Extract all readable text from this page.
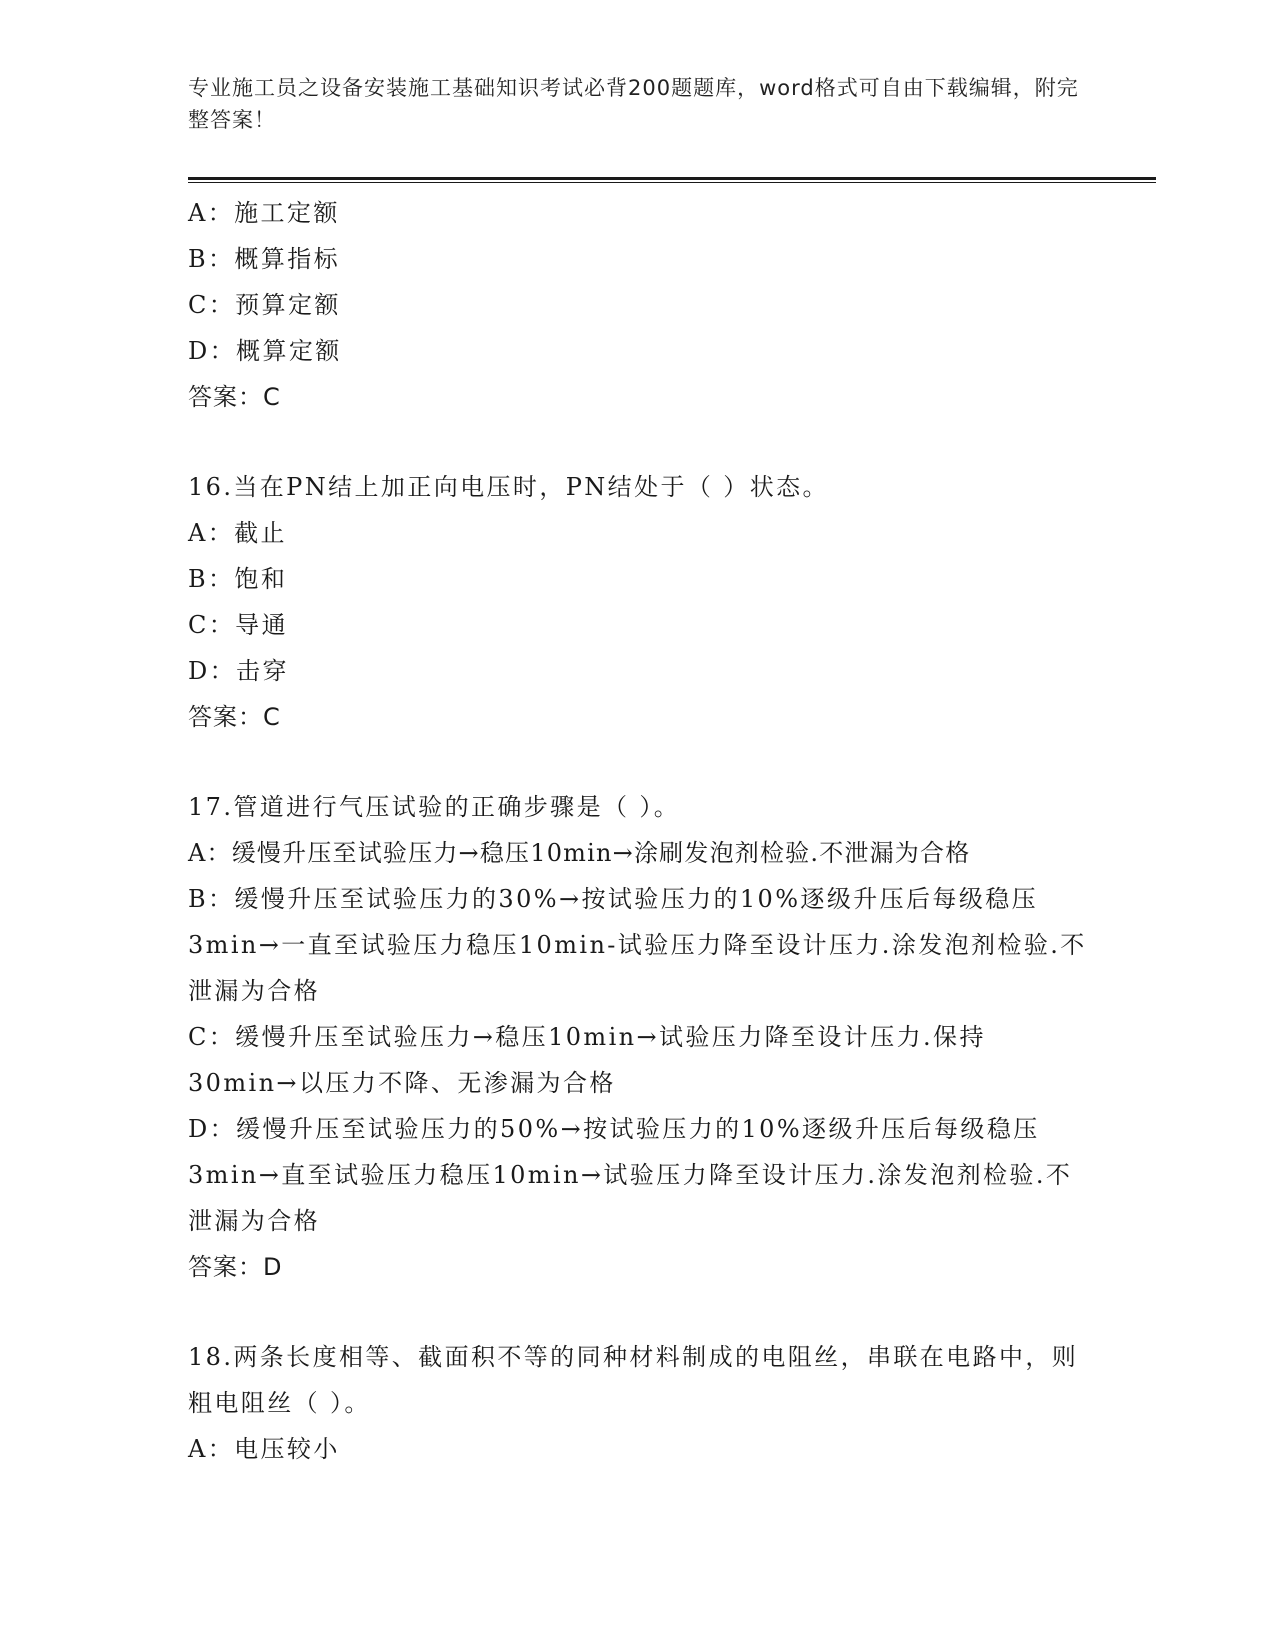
专业施工员之设备安装施工基础知识考试必背200题题库，word格式可自由下载编辑，附完整答案！
A：施工定额
B：概算指标
C：预算定额
D：概算定额
答案：C
16.当在PN结上加正向电压时，PN结处于（ ）状态。
A：截止
B：饱和
C：导通
D：击穿
答案：C
17.管道进行气压试验的正确步骤是（ ）。
A：缓慢升压至试验压力→稳压10min→涂刷发泡剂检验.不泄漏为合格
B：缓慢升压至试验压力的30%→按试验压力的10%逐级升压后每级稳压3min→一直至试验压力稳压10min-试验压力降至设计压力.涂发泡剂检验.不泄漏为合格
C：缓慢升压至试验压力→稳压10min→试验压力降至设计压力.保持30min→以压力不降、无渗漏为合格
D：缓慢升压至试验压力的50%→按试验压力的10%逐级升压后每级稳压3min→直至试验压力稳压10min→试验压力降至设计压力.涂发泡剂检验.不泄漏为合格
答案：D
18.两条长度相等、截面积不等的同种材料制成的电阻丝，串联在电路中，则粗电阻丝（ ）。
A：电压较小
